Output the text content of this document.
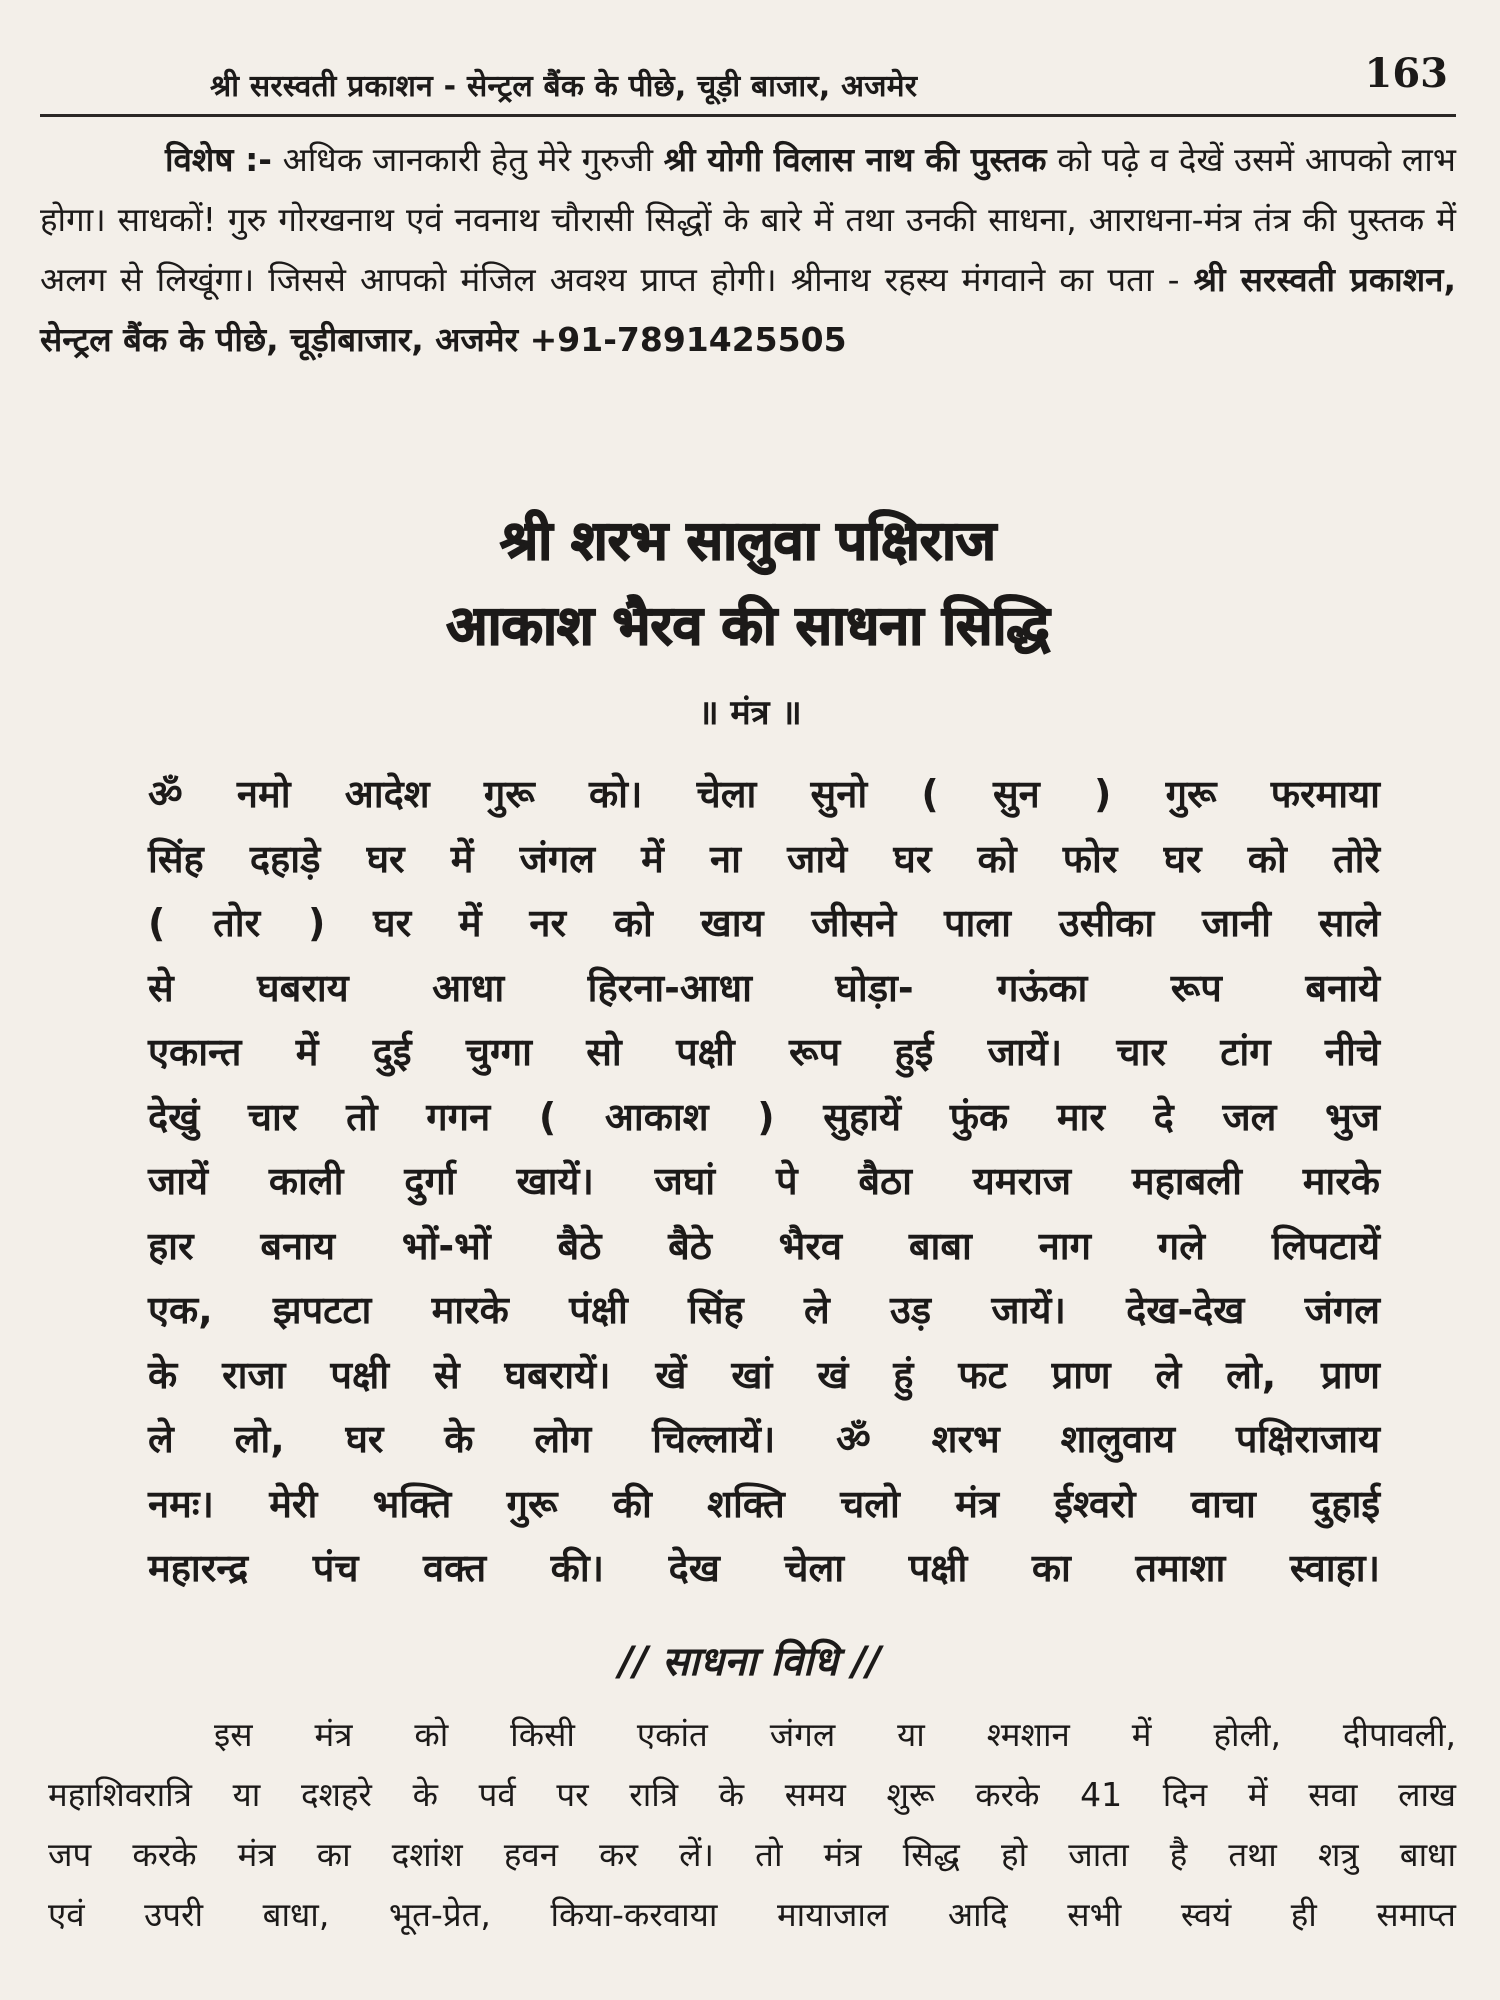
श्री सरस्वती प्रकाशन - सेन्ट्रल बैंक के पीछे, चूड़ी बाजार, अजमेर	163
विशेष :- अधिक जानकारी हेतु मेरे गुरुजी श्री योगी विलास नाथ की पुस्तक को पढ़े व देखें उसमें आपको लाभ होगा। साधकों! गुरु गोरखनाथ एवं नवनाथ चौरासी सिद्धों के बारे में तथा उनकी साधना, आराधना-मंत्र तंत्र की पुस्तक में अलग से लिखूंगा। जिससे आपको मंजिल अवश्य प्राप्त होगी। श्रीनाथ रहस्य मंगवाने का पता - श्री सरस्वती प्रकाशन, सेन्ट्रल बैंक के पीछे, चूड़ीबाजार, अजमेर +91-7891425505
श्री शरभ सालुवा पक्षिराज
आकाश भैरव की साधना सिद्धि
॥ मंत्र ॥
ॐ नमो आदेश गुरू को। चेला सुनो ( सुन ) गुरू फरमाया
सिंह दहाड़े घर में जंगल में ना जाये घर को फोर घर को तोरे
( तोर ) घर में नर को खाय जीसने पाला उसीका जानी साले
से घबराय आधा हिरना-आधा घोड़ा- गऊंका रूप बनाये
एकान्त में दुई चुग्गा सो पक्षी रूप हुई जायें। चार टांग नीचे
देखुं चार तो गगन ( आकाश ) सुहायें फुंक मार दे जल भुज
जायें काली दुर्गा खायें। जघां पे बैठा यमराज महाबली मारके
हार बनाय भों-भों बैठे बैठे भैरव बाबा नाग गले लिपटायें
एक, झपटटा मारके पंक्षी सिंह ले उड़ जायें। देख-देख जंगल
के राजा पक्षी से घबरायें। खें खां खं हुं फट प्राण ले लो, प्राण
ले लो, घर के लोग चिल्लायें। ॐ शरभ शालुवाय पक्षिराजाय
नमः। मेरी भक्ति गुरू की शक्ति चलो मंत्र ईश्वरो वाचा दुहाई
महारन्द्र पंच वक्त की। देख चेला पक्षी का तमाशा स्वाहा।
// साधना विधि //
इस मंत्र को किसी एकांत जंगल या श्मशान में होली, दीपावली,
महाशिवरात्रि या दशहरे के पर्व पर रात्रि के समय शुरू करके 41 दिन में सवा लाख
जप करके मंत्र का दशांश हवन कर लें। तो मंत्र सिद्ध हो जाता है तथा शत्रु बाधा
एवं उपरी बाधा, भूत-प्रेत, किया-करवाया मायाजाल आदि सभी स्वयं ही समाप्त
